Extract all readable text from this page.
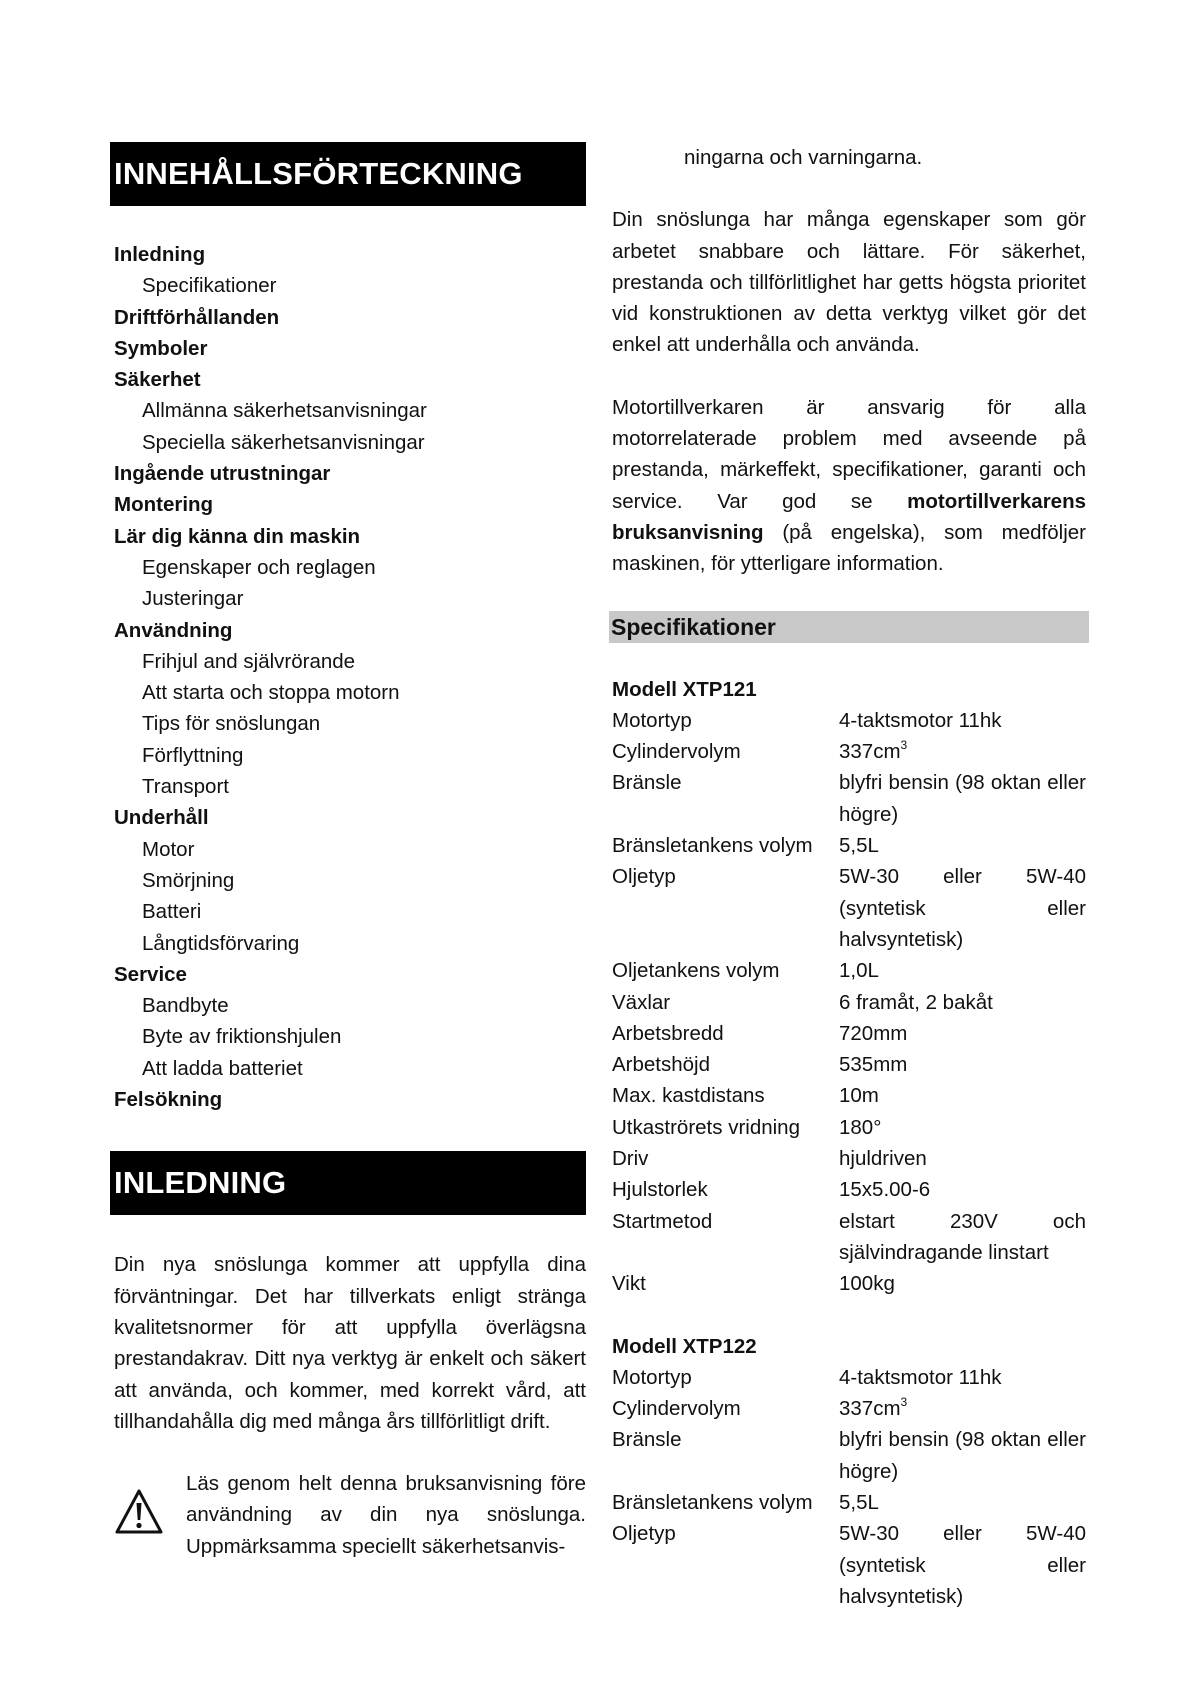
INNEHÅLLSFÖRTECKNING
Inledning
Specifikationer
Driftförhållanden
Symboler
Säkerhet
Allmänna säkerhetsanvisningar
Speciella säkerhetsanvisningar
Ingående utrustningar
Montering
Lär dig känna din maskin
Egenskaper och reglagen
Justeringar
Användning
Frihjul and självrörande
Att starta och stoppa motorn
Tips för snöslungan
Förflyttning
Transport
Underhåll
Motor
Smörjning
Batteri
Långtidsförvaring
Service
Bandbyte
Byte av friktionshjulen
Att ladda batteriet
Felsökning
INLEDNING
Din nya snöslunga kommer att uppfylla dina förväntningar. Det har tillverkats enligt stränga kvalitetsnormer för att uppfylla överlägsna prestandakrav. Ditt nya verktyg är enkelt och säkert att använda, och kommer, med korrekt vård, att tillhandahålla dig med många års tillförlitligt drift.
Läs genom helt denna bruksanvisning före användning av din nya snöslunga. Uppmärksamma speciellt säkerhetsanvis-
ningarna och varningarna.
Din snöslunga har många egenskaper som gör arbetet snabbare och lättare. För säkerhet, prestanda och tillförlitlighet har getts högsta prioritet vid konstruktionen av detta verktyg vilket gör det enkel att underhålla och använda.
Motortillverkaren är ansvarig för alla motorrelaterade problem med avseende på prestanda, märkeffekt, specifikationer, garanti och service. Var god se motortillverkarens bruksanvisning (på engelska), som medföljer maskinen, för ytterligare information.
Specifikationer
Modell XTP121
Motortyp	4-taktsmotor 11hk
Cylindervolym	$337cm^3$
Bränsle	blyfri bensin (98 oktan eller högre)
Bränsletankens volym	5,5L
Oljetyp	5W-30 eller 5W-40 (syntetisk eller halvsyntetisk)
Oljetankens volym	1,0L
Växlar	6 framåt, 2 bakåt
Arbetsbredd	720mm
Arbetshöjd	535mm
Max. kastdistans	10m
Utkaströrets vridning	180°
Driv	hjuldriven
Hjulstorlek	15x5.00-6
Startmetod	elstart 230V och självindragande linstart
Vikt	100kg
Modell XTP122
Motortyp	4-taktsmotor 11hk
Cylindervolym	$337cm^3$
Bränsle	blyfri bensin (98 oktan eller högre)
Bränsletankens volym	5,5L
Oljetyp	5W-30 eller 5W-40 (syntetisk eller halvsyntetisk)
